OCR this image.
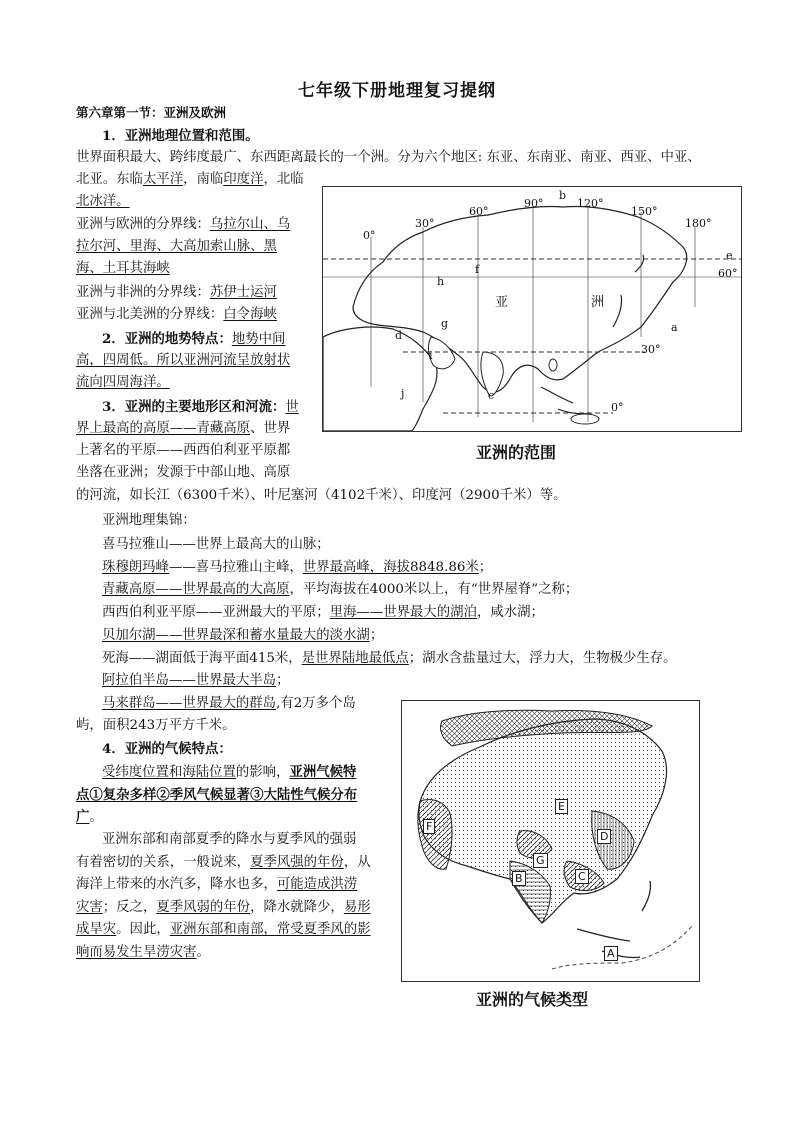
七年级下册地理复习提纲
第六章第一节：亚洲及欧洲
1．亚洲地理位置和范围。
世界面积最大、跨纬度最广、东西距离最长的一个洲。分为六个地区: 东亚、东南亚、南亚、西亚、中亚、
北亚。东临太平洋，南临印度洋，北临
北冰洋。
亚洲与欧洲的分界线：乌拉尔山、乌
拉尔河、里海、大高加索山脉、黑
海、土耳其海峡
亚洲与非洲的分界线：苏伊士运河
亚洲与北美洲的分界线：白令海峡
2．亚洲的地势特点：地势中间
高，四周低。所以亚洲河流呈放射状
流向四周海洋。
3．亚洲的主要地形区和河流：世
界上最高的高原——青藏高原、世界
上著名的平原——西西伯利亚平原都
坐落在亚洲；发源于中部山地、高原
的河流，如长江（6300千米）、叶尼塞河（4102千米）、印度河（2900千米）等。
亚洲地理集锦：
喜马拉雅山——世界上最高大的山脉；
珠穆朗玛峰——喜马拉雅山主峰，世界最高峰，海拔8848.86米；
青藏高原——世界最高的大高原，平均海拔在4000米以上，有“世界屋脊”之称；
西西伯利亚平原——亚洲最大的平原；里海——世界最大的湖泊，咸水湖；
贝加尔湖——世界最深和蓄水量最大的淡水湖；
死海——湖面低于海平面415米，是世界陆地最低点；湖水含盐量过大，浮力大，生物极少生存。
阿拉伯半岛——世界最大半岛；
马来群岛——世界最大的群岛,有2万多个岛
屿，面积243万平方千米。
4．亚洲的气候特点：
受纬度位置和海陆位置的影响，亚洲气候特
点①复杂多样②季风气候显著③大陆性气候分布
广。
亚洲东部和南部夏季的降水与夏季风的强弱
有着密切的关系，一般说来，夏季风强的年份，从
海洋上带来的水汽多，降水也多，可能造成洪涝
灾害；反之，夏季风弱的年份，降水就降少，易形
成旱灾。因此，亚洲东部和南部，常受夏季风的影
响而易发生旱涝灾害。
0°
30°
60°
90°	120°
150°
180°
60°
30°
0°
a
b
c
d
e
f
g
h
i
j
亚	洲
亚洲的范围
A
B	C
D
E
F
G
亚洲的气候类型
